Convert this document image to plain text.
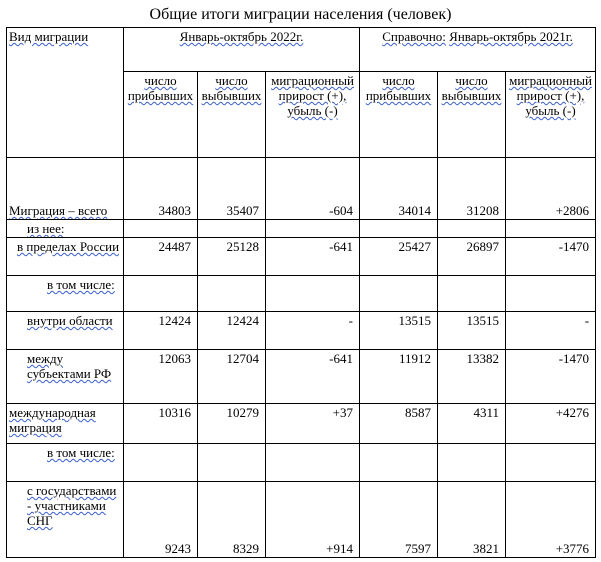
Общие итоги миграции населения (человек)
Вид миграции	Январь-октябрь 2022г.			Справочно: Январь-октябрь 2021г.		
	число прибывших	число выбывших	миграционный прирост (+), убыль (-)	число прибывших	число выбывших	миграционный прирост (+), убыль (-)
Миграция – всего	34803	35407	-604	34014	31208	+2806
из нее:						
в пределах России	24487	25128	-641	25427	26897	-1470
в том числе:						
внутри области	12424	12424	-	13515	13515	-
между субъектами РФ	12063	12704	-641	11912	13382	-1470
международная миграция	10316	10279	+37	8587	4311	+4276
в том числе:						
с государствами - участниками СНГ	9243	8329	+914	7597	3821	+3776
